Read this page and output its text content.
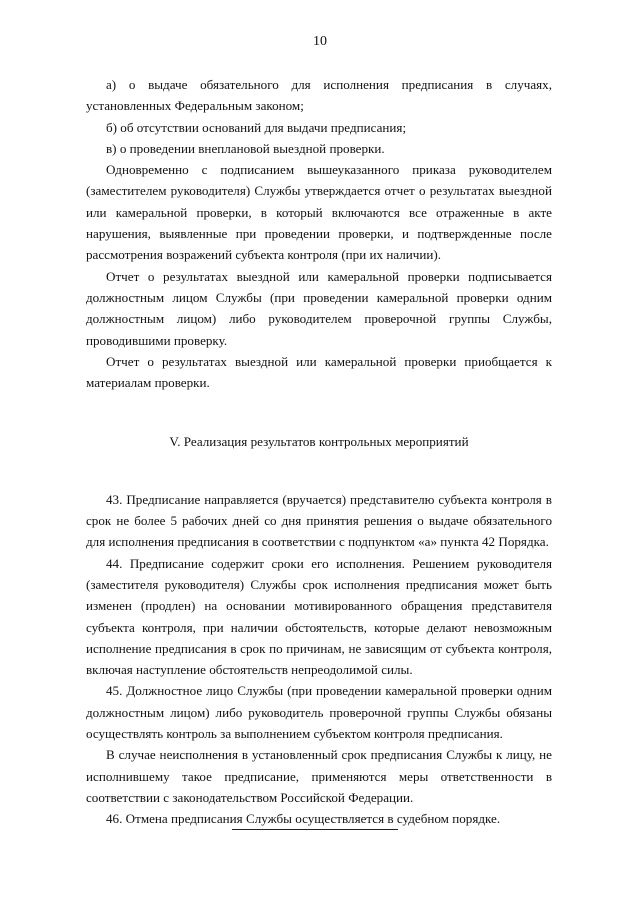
10

а) о выдаче обязательного для исполнения предписания в случаях, установленных Федеральным законом;

б) об отсутствии оснований для выдачи предписания;

в) о проведении внеплановой выездной проверки.

Одновременно с подписанием вышеуказанного приказа руководителем (заместителем руководителя) Службы утверждается отчет о результатах выездной или камеральной проверки, в который включаются все отраженные в акте нарушения, выявленные при проведении проверки, и подтвержденные после рассмотрения возражений субъекта контроля (при их наличии).

Отчет о результатах выездной или камеральной проверки подписывается должностным лицом Службы (при проведении камеральной проверки одним должностным лицом) либо руководителем проверочной группы Службы, проводившими проверку.

Отчет о результатах выездной или камеральной проверки приобщается к материалам проверки.

V. Реализация результатов контрольных мероприятий

43. Предписание направляется (вручается) представителю субъекта контроля в срок не более 5 рабочих дней со дня принятия решения о выдаче обязательного для исполнения предписания в соответствии с подпунктом «а» пункта 42 Порядка.

44. Предписание содержит сроки его исполнения. Решением руководителя (заместителя руководителя) Службы срок исполнения предписания может быть изменен (продлен) на основании мотивированного обращения представителя субъекта контроля, при наличии обстоятельств, которые делают невозможным исполнение предписания в срок по причинам, не зависящим от субъекта контроля, включая наступление обстоятельств непреодолимой силы.

45. Должностное лицо Службы (при проведении камеральной проверки одним должностным лицом) либо руководитель проверочной группы Службы обязаны осуществлять контроль за выполнением субъектом контроля предписания.

В случае неисполнения в установленный срок предписания Службы к лицу, не исполнившему такое предписание, применяются меры ответственности в соответствии с законодательством Российской Федерации.

46. Отмена предписания Службы осуществляется в судебном порядке.
